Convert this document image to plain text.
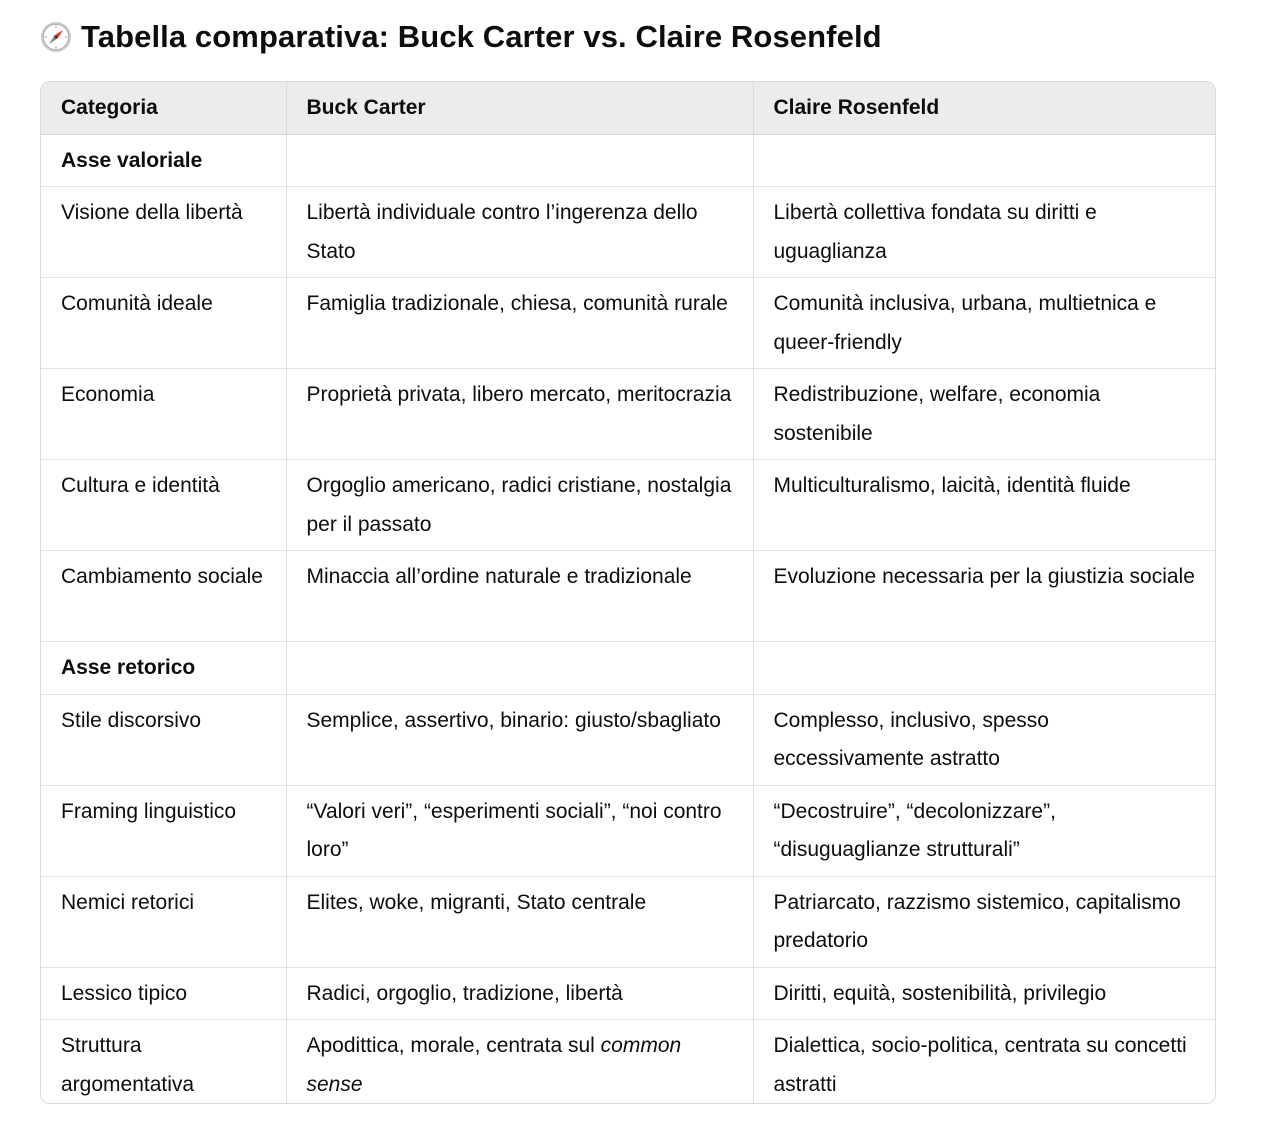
Tabella comparativa: Buck Carter vs. Claire Rosenfeld
Categoria	Buck Carter	Claire Rosenfeld
Asse valoriale		
Visione della libertà	Libertà individuale contro l’ingerenza dello Stato	Libertà collettiva fondata su diritti e uguaglianza
Comunità ideale	Famiglia tradizionale, chiesa, comunità rurale	Comunità inclusiva, urbana, multietnica e queer-friendly
Economia	Proprietà privata, libero mercato, meritocrazia	Redistribuzione, welfare, economia sostenibile
Cultura e identità	Orgoglio americano, radici cristiane, nostalgia per il passato	Multiculturalismo, laicità, identità fluide
Cambiamento sociale	Minaccia all’ordine naturale e tradizionale	Evoluzione necessaria per la giustizia sociale
Asse retorico		
Stile discorsivo	Semplice, assertivo, binario: giusto/sbagliato	Complesso, inclusivo, spesso eccessivamente astratto
Framing linguistico	“Valori veri”, “esperimenti sociali”, “noi contro loro”	“Decostruire”, “decolonizzare”, “disuguaglianze strutturali”
Nemici retorici	Elites, woke, migranti, Stato centrale	Patriarcato, razzismo sistemico, capitalismo predatorio
Lessico tipico	Radici, orgoglio, tradizione, libertà	Diritti, equità, sostenibilità, privilegio
Struttura argomentativa	Apodittica, morale, centrata sul common sense	Dialettica, socio-politica, centrata su concetti astratti
